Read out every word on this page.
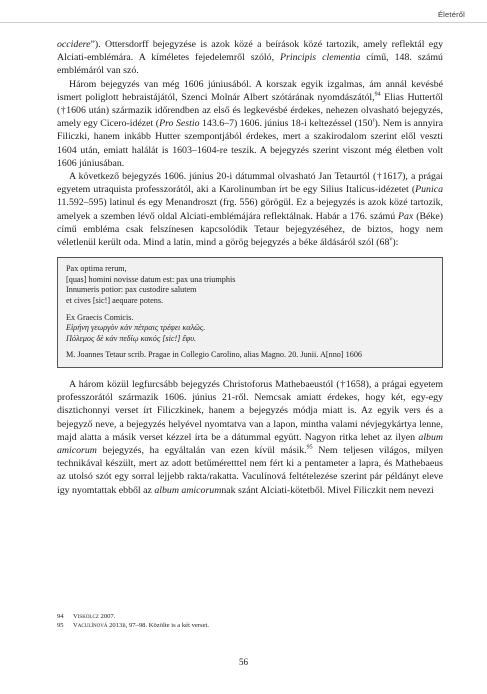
Életéről

occidere”). Ottersdorff bejegyzése is azok közé a beírások közé tartozik, amely reflektál egy Alciati-emblémára. A kíméletes fejedelemről szóló, Principis clementia című, 148. számú emblémáról van szó.

Három bejegyzés van még 1606 júniusából. A korszak egyik izgalmas, ám annál kevésbé ismert poliglott hebraistájától, Szenci Molnár Albert szótárának nyomdászától,$^{94}$ Elias Huttertől (†1606 után) származik időrendben az első és legkevésbé érdekes, nehezen olvasható bejegyzés, amely egy Cicero-idézet (Pro Sestio 143.6–7) 1606. június 18-i keltezéssel (150$^r$). Nem is annyira Filiczki, hanem inkább Hutter szempontjából érdekes, mert a szakirodalom szerint elől veszti 1604 után, emiatt halálát is 1603–1604-re teszik. A bejegyzés szerint viszont még életben volt 1606 júniusában.

A következő bejegyzés 1606. június 20-i dátummal olvasható Jan Tetaurtól (†1617), a prágai egyetem utraquista professzorától, aki a Karolinumban írt be egy Silius Italicus-idézetet (Punica 11.592–595) latinul és egy Menandroszt (frg. 556) görögül. Ez a bejegyzés is azok közé tartozik, amelyek a szemben lévő oldal Alciati-emblémájára reflektálnak. Habár a 176. számú Pax (Béke) című embléma csak felszínesen kapcsolódik Tetaur bejegyzéséhez, de biztos, hogy nem véletlenül került oda. Mind a latin, mind a görög bejegyzés a béke áldásáról szól (68$^v$):

Pax optima rerum,
[quas] homini novisse datum est: pax una triumphis
Innumeris potior: pax custodire salutem
et cives [sic!] aequare potens.
Ex Graecis Comicis.
Εἰρήνη γεωργὸν κἀν πέτραις τρέφει καλῶς.
Πόλεμος δὲ κἀν πεδίῳ κακός [sic!] ἔφυ.
M. Joannes Tetaur scrib. Pragae in Collegio Carolino, alias Magno. 20. Junii. A[nno] 1606

A három közül legfurcsább bejegyzés Christoforus Mathebaeustól (†1658), a prágai egyetem professzorától származik 1606. június 21-ről. Nemcsak amiatt érdekes, hogy két, egy-egy disztichonnyi verset írt Filiczkinek, hanem a bejegyzés módja miatt is. Az egyik vers és a bejegyző neve, a bejegyzés helyével nyomtatva van a lapon, mintha valami névjegykártya lenne, majd alatta a másik verset kézzel írta be a dátummal együtt. Nagyon ritka lehet az ilyen album amicorum bejegyzés, ha egyáltalán van ezen kívül másik.$^{95}$ Nem teljesen világos, milyen technikával készült, mert az adott betűméretttel nem fért ki a pentameter a lapra, és Mathebaeus az utolsó szót egy sorral lejjebb rakta/rakatta. Vaculínová feltételezése szerint pár példányt eleve így nyomtattak ebből az album amicorumnak szánt Alciati-kötetből. Mivel Filiczkit nem nevezi

94	Viskolcz 2007.

95	Vaculínová 2013b, 97–98. Közölte is a két verset.

56
